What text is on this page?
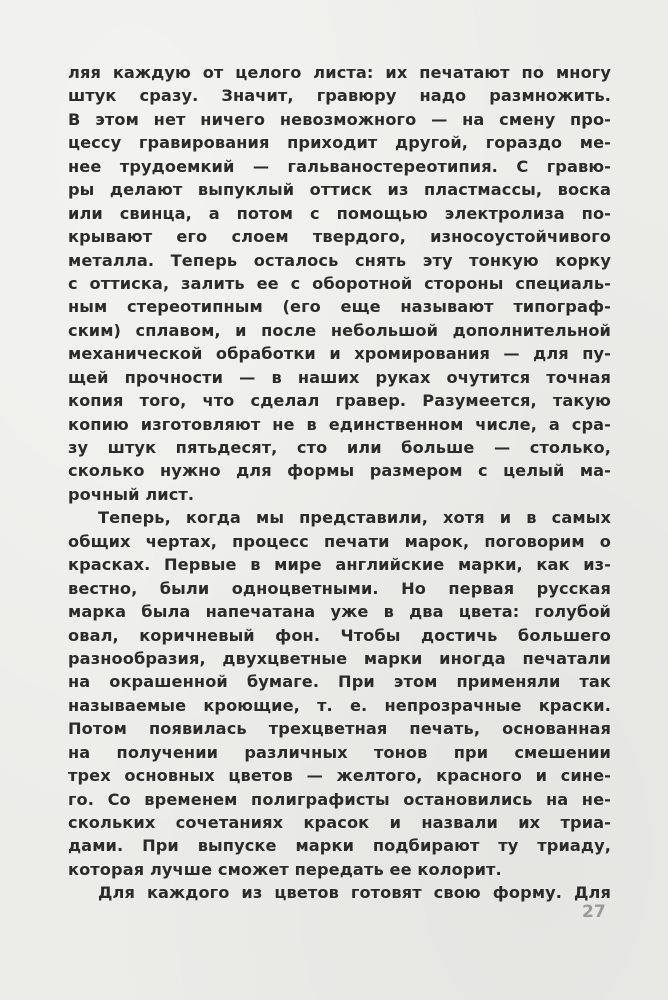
ляя каждую от целого листа: их печатают по многу
штук сразу. Значит, гравюру надо размножить.
В этом нет ничего невозможного — на смену про-
цессу гравирования приходит другой, гораздо ме-
нее трудоемкий — гальваностереотипия. С гравю-
ры делают выпуклый оттиск из пластмассы, воска
или свинца, а потом с помощью электролиза по-
крывают его слоем твердого, износоустойчивого
металла. Теперь осталось снять эту тонкую корку
с оттиска, залить ее с оборотной стороны специаль-
ным стереотипным (его еще называют типограф-
ским) сплавом, и после небольшой дополнительной
механической обработки и хромирования — для пу-
щей прочности — в наших руках очутится точная
копия того, что сделал гравер. Разумеется, такую
копию изготовляют не в единственном числе, а сра-
зу штук пятьдесят, сто или больше — столько,
сколько нужно для формы размером с целый ма-
рочный лист.
Теперь, когда мы представили, хотя и в самых
общих чертах, процесс печати марок, поговорим о
красках. Первые в мире английские марки, как из-
вестно, были одноцветными. Но первая русская
марка была напечатана уже в два цвета: голубой
овал, коричневый фон. Чтобы достичь большего
разнообразия, двухцветные марки иногда печатали
на окрашенной бумаге. При этом применяли так
называемые кроющие, т. е. непрозрачные краски.
Потом появилась трехцветная печать, основанная
на получении различных тонов при смешении
трех основных цветов — желтого, красного и сине-
го. Со временем полиграфисты остановились на не-
скольких сочетаниях красок и назвали их триа-
дами. При выпуске марки подбирают ту триаду,
которая лучше сможет передать ее колорит.
Для каждого из цветов готовят свою форму. Для
27
